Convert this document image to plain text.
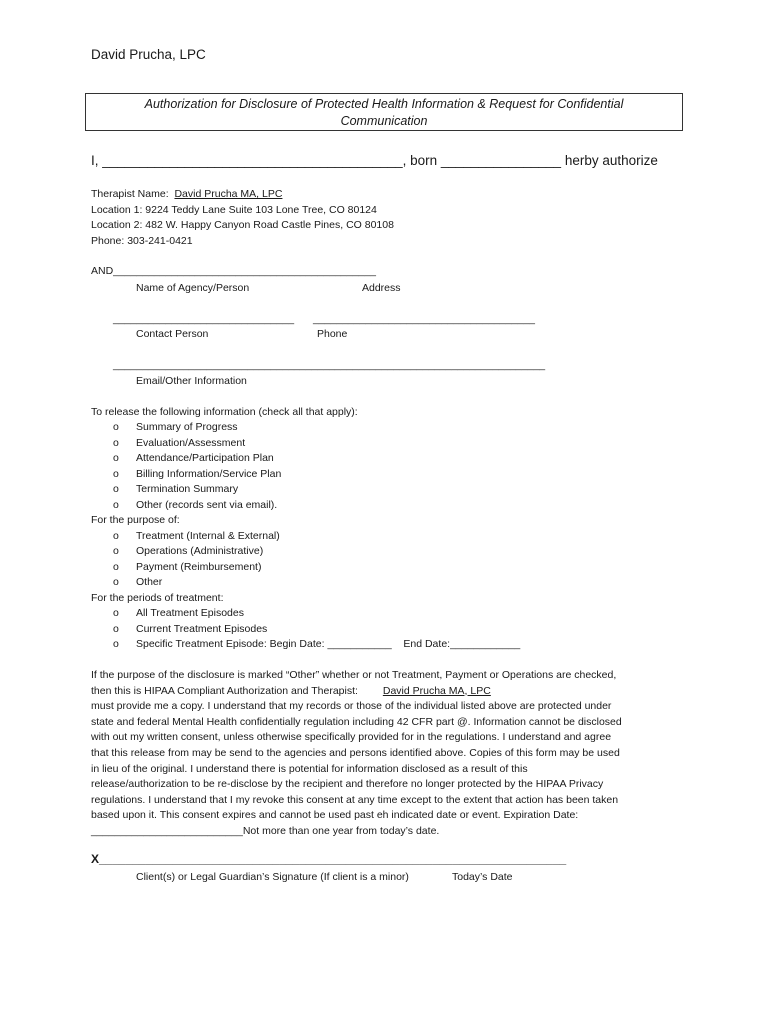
David Prucha, LPC
Authorization for Disclosure of Protected Health Information & Request for Confidential
Communication
I, ________________________________________, born ________________ herby authorize
Therapist Name: David Prucha MA, LPC
Location 1: 9224 Teddy Lane Suite 103 Lone Tree, CO 80124
Location 2: 482 W. Happy Canyon Road Castle Pines, CO 80108
Phone: 303-241-0421
AND_____________________________________________
Name of Agency/Person	Address
_______________________________ ______________________________________
Contact Person	Phone
__________________________________________________________________________
Email/Other Information
To release the following information (check all that apply):
o Summary of Progress
o Evaluation/Assessment
o Attendance/Participation Plan
o Billing Information/Service Plan
o Termination Summary
o Other (records sent via email).
For the purpose of:
o Treatment (Internal & External)
o Operations (Administrative)
o Payment (Reimbursement)
o Other
For the periods of treatment:
o All Treatment Episodes
o Current Treatment Episodes
o Specific Treatment Episode: Begin Date: ___________ End Date:____________
If the purpose of the disclosure is marked “Other” whether or not Treatment, Payment or Operations are checked,
then this is HIPAA Compliant Authorization and Therapist: David Prucha MA, LPC
must provide me a copy. I understand that my records or those of the individual listed above are protected under
state and federal Mental Health confidentially regulation including 42 CFR part @. Information cannot be disclosed
with out my written consent, unless otherwise specifically provided for in the regulations. I understand and agree
that this release from may be send to the agencies and persons identified above. Copies of this form may be used
in lieu of the original. I understand there is potential for information disclosed as a result of this
release/authorization to be re-disclose by the recipient and therefore no longer protected by the HIPAA Privacy
regulations. I understand that I my revoke this consent at any time except to the extent that action has been taken
based upon it. This consent expires and cannot be used past eh indicated date or event. Expiration Date:
__________________________Not more than one year from today’s date.
X______________________________________________________________________
Client(s) or Legal Guardian’s Signature (If client is a minor)	Today’s Date
